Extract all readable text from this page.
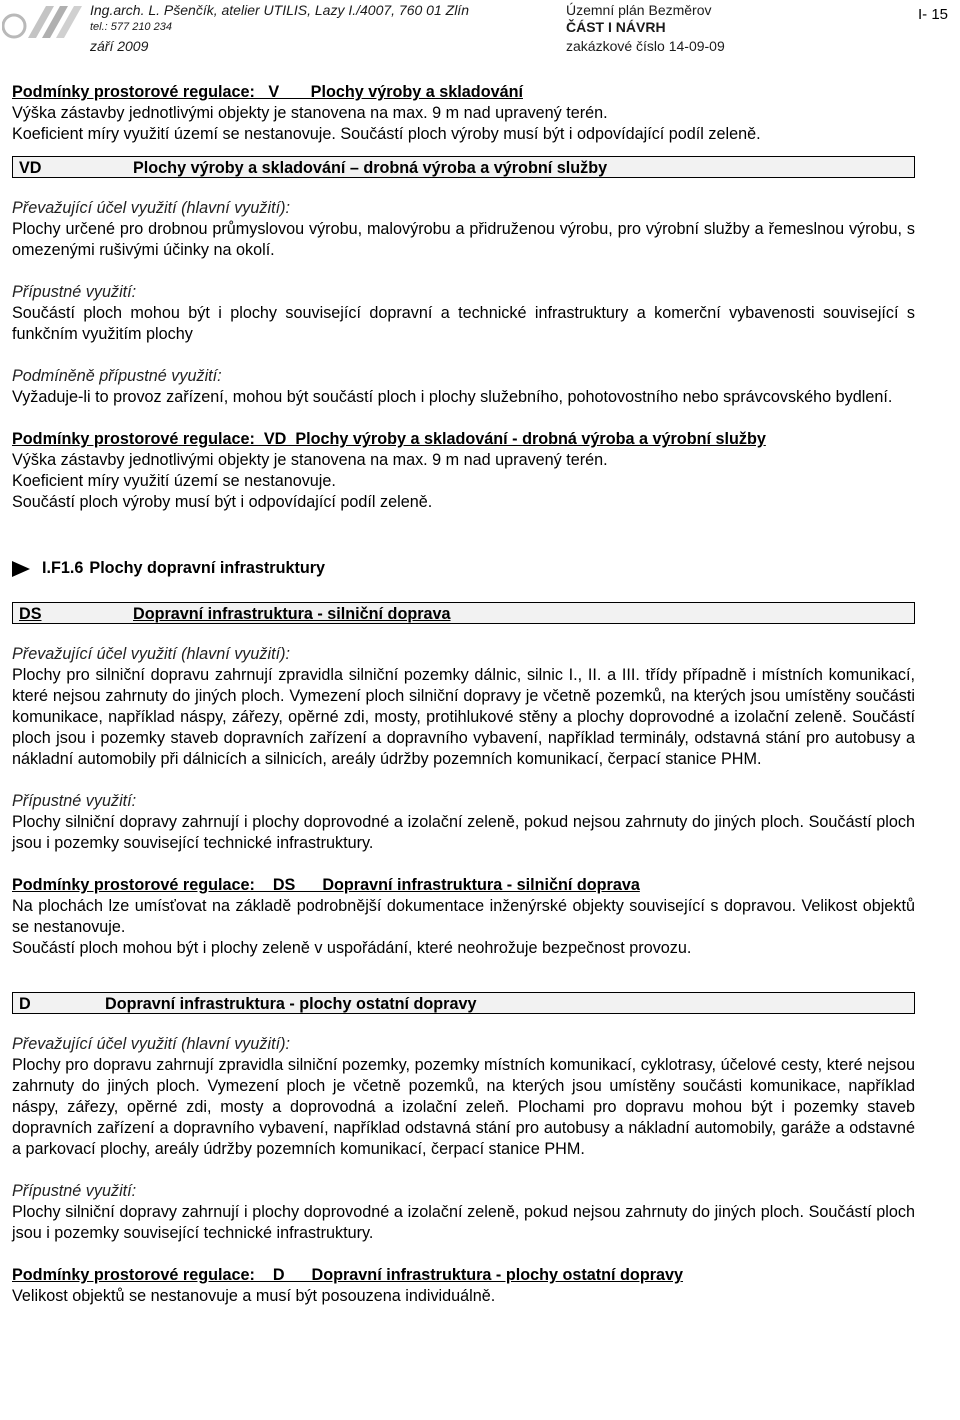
Ing.arch. L. Pšenčík, atelier UTILIS, Lazy I./4007, 760 01 Zlín
tel.: 577 210 234
září 2009
Územní plán Bezměrov
ČÁST I NÁVRH
zakázkové číslo 14-09-09
I- 15

Podmínky prostorové regulace:   V       Plochy výroby a skladování

Výška zástavby jednotlivými objekty je stanovena na max. 9 m nad upravený terén.

Koeficient míry využití území se nestanovuje. Součástí ploch výroby musí být i odpovídající podíl zeleně.

VD	Plochy výroby a skladování – drobná výroba a výrobní služby

Převažující účel využití (hlavní využití):

Plochy určené pro drobnou průmyslovou výrobu, malovýrobu a přidruženou výrobu, pro výrobní služby a řemeslnou výrobu, s omezenými rušivými účinky na okolí.

Přípustné využití:

Součástí ploch mohou být i plochy související dopravní a technické infrastruktury a komerční vybavenosti související s funkčním využitím plochy

Podmíněně přípustné využití:

Vyžaduje-li to provoz zařízení, mohou být součástí ploch i plochy služebního, pohotovostního nebo správcovského bydlení.

Podmínky prostorové regulace:  VD  Plochy výroby a skladování - drobná výroba a výrobní služby

Výška zástavby jednotlivými objekty je stanovena na max. 9 m nad upravený terén.

Koeficient míry využití území se nestanovuje.

Součástí ploch výroby musí být i odpovídající podíl zeleně.

I.F1.6 Plochy dopravní infrastruktury
DS	Dopravní infrastruktura - silniční doprava

Převažující účel využití (hlavní využití):

Plochy pro silniční dopravu zahrnují zpravidla silniční pozemky dálnic, silnic I., II. a III. třídy případně i místních komunikací, které nejsou zahrnuty do jiných ploch. Vymezení ploch silniční dopravy je včetně pozemků, na kterých jsou umístěny součásti komunikace, například náspy, zářezy, opěrné zdi, mosty, protihlukové stěny a plochy doprovodné a izolační zeleně. Součástí ploch jsou i pozemky staveb dopravních zařízení a dopravního vybavení, například terminály, odstavná stání pro autobusy a nákladní automobily při dálnicích a silnicích, areály údržby pozemních komunikací, čerpací stanice PHM.

Přípustné využití:

Plochy silniční dopravy zahrnují i plochy doprovodné a izolační zeleně, pokud nejsou zahrnuty do jiných ploch. Součástí ploch jsou i pozemky související technické infrastruktury.

Podmínky prostorové regulace:    DS      Dopravní infrastruktura - silniční doprava

Na plochách lze umísťovat na základě podrobnější dokumentace inženýrské objekty související s dopravou. Velikost objektů se nestanovuje.

Součástí ploch mohou být i plochy zeleně v uspořádání, které neohrožuje bezpečnost provozu.

D	Dopravní infrastruktura - plochy ostatní dopravy

Převažující účel využití (hlavní využití):

Plochy pro dopravu zahrnují zpravidla silniční pozemky, pozemky místních komunikací, cyklotrasy, účelové cesty, které nejsou zahrnuty do jiných ploch. Vymezení ploch je včetně pozemků, na kterých jsou umístěny součásti komunikace, například náspy, zářezy, opěrné zdi, mosty a doprovodná a izolační zeleň. Plochami pro dopravu mohou být i pozemky staveb dopravních zařízení a dopravního vybavení, například odstavná stání pro autobusy a nákladní automobily, garáže a odstavné a parkovací plochy, areály údržby pozemních komunikací, čerpací stanice PHM.

Přípustné využití:

Plochy silniční dopravy zahrnují i plochy doprovodné a izolační zeleně, pokud nejsou zahrnuty do jiných ploch. Součástí ploch jsou i pozemky související technické infrastruktury.

Podmínky prostorové regulace:    D      Dopravní infrastruktura - plochy ostatní dopravy

Velikost objektů se nestanovuje a musí být posouzena individuálně.
